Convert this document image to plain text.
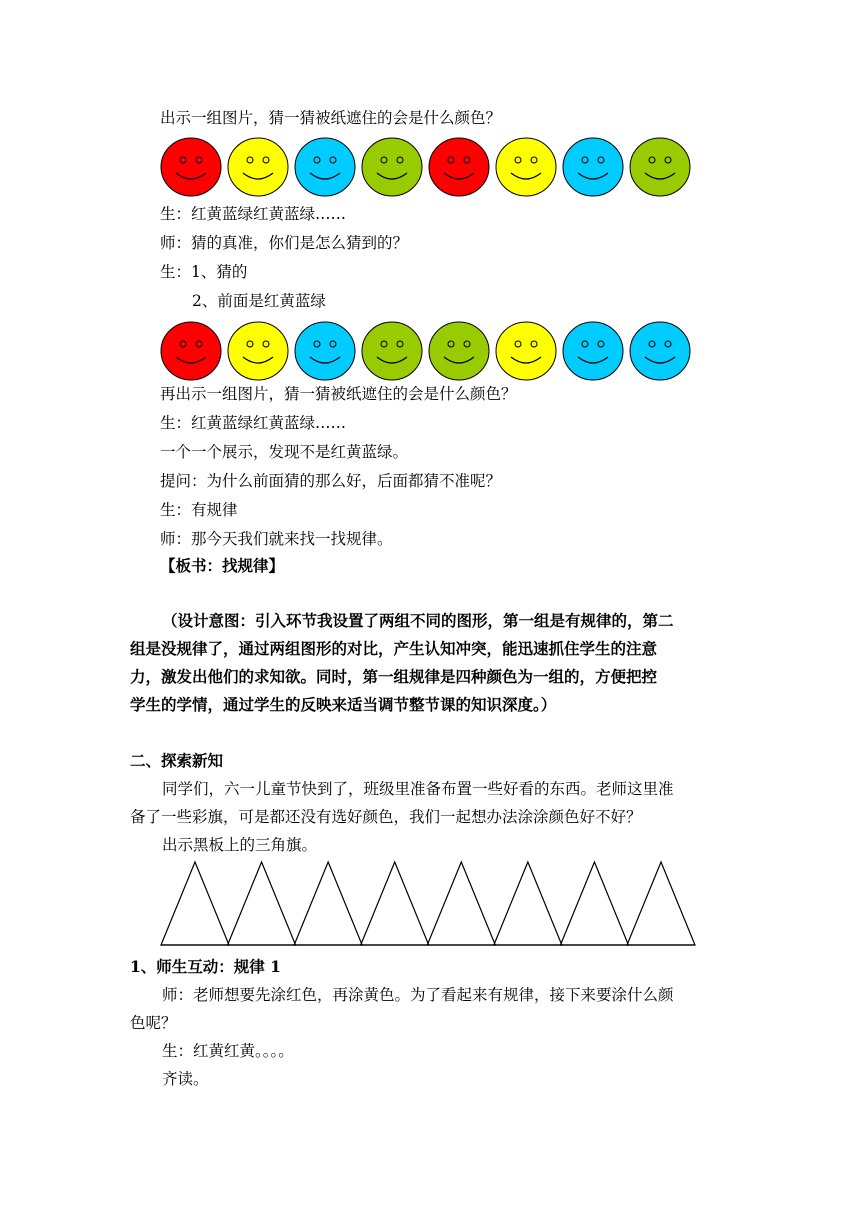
出示一组图片，猜一猜被纸遮住的会是什么颜色？
生：红黄蓝绿红黄蓝绿……
师：猜的真准，你们是怎么猜到的？
生：1、猜的
2、前面是红黄蓝绿
再出示一组图片，猜一猜被纸遮住的会是什么颜色？
生：红黄蓝绿红黄蓝绿……
一个一个展示，发现不是红黄蓝绿。
提问：为什么前面猜的那么好，后面都猜不准呢？
生：有规律
师：那今天我们就来找一找规律。
【板书：找规律】
（设计意图：引入环节我设置了两组不同的图形，第一组是有规律的，第二
组是没规律了，通过两组图形的对比，产生认知冲突，能迅速抓住学生的注意
力，激发出他们的求知欲。同时，第一组规律是四种颜色为一组的，方便把控
学生的学情，通过学生的反映来适当调节整节课的知识深度。）
二、探索新知
同学们，六一儿童节快到了，班级里准备布置一些好看的东西。老师这里准
备了一些彩旗，可是都还没有选好颜色，我们一起想办法涂涂颜色好不好？
出示黑板上的三角旗。
1、师生互动：规律 1
师：老师想要先涂红色，再涂黄色。为了看起来有规律，接下来要涂什么颜
色呢？
生：红黄红黄。。。。
齐读。
